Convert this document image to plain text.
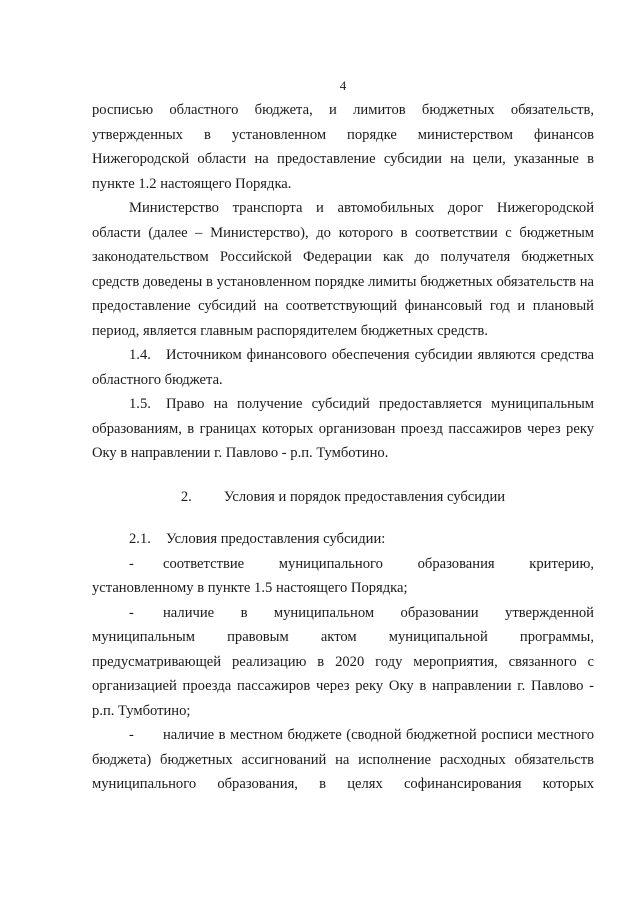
4

росписью областного бюджета, и лимитов бюджетных обязательств, утвержденных в установленном порядке министерством финансов Нижегородской области на предоставление субсидии на цели, указанные в пункте 1.2 настоящего Порядка.

Министерство транспорта и автомобильных дорог Нижегородской области (далее – Министерство), до которого в соответствии с бюджетным законодательством Российской Федерации как до получателя бюджетных средств доведены в установленном порядке лимиты бюджетных обязательств на предоставление субсидий на соответствующий финансовый год и плановый период, является главным распорядителем бюджетных средств.

1.4. Источником финансового обеспечения субсидии являются средства областного бюджета.

1.5. Право на получение субсидий предоставляется муниципальным образованиям, в границах которых организован проезд пассажиров через реку Оку в направлении г. Павлово - р.п. Тумботино.

2. Условия и порядок предоставления субсидии

2.1. Условия предоставления субсидии:

- соответствие муниципального образования критерию, установленному в пункте 1.5 настоящего Порядка;

- наличие в муниципальном образовании утвержденной муниципальным правовым актом муниципальной программы, предусматривающей реализацию в 2020 году мероприятия, связанного с организацией проезда пассажиров через реку Оку в направлении г. Павлово - р.п. Тумботино;

- наличие в местном бюджете (сводной бюджетной росписи местного бюджета) бюджетных ассигнований на исполнение расходных обязательств муниципального образования, в целях софинансирования которых
